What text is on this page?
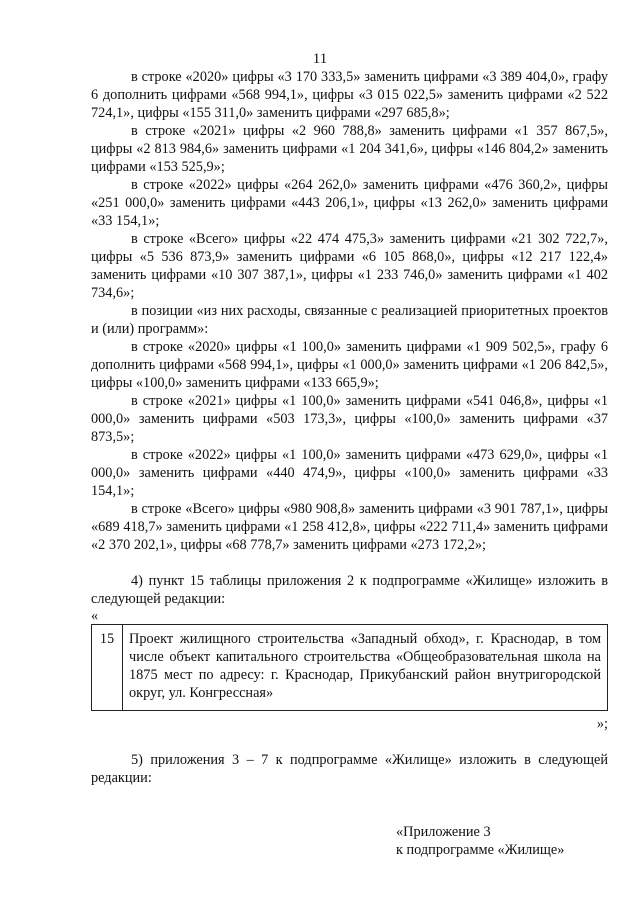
11

в строке «2020» цифры «3 170 333,5» заменить цифрами «3 389 404,0», графу 6 дополнить цифрами «568 994,1», цифры «3 015 022,5» заменить цифрами «2 522 724,1», цифры «155 311,0» заменить цифрами «297 685,8»;

в строке «2021» цифры «2 960 788,8» заменить цифрами «1 357 867,5», цифры «2 813 984,6» заменить цифрами «1 204 341,6», цифры «146 804,2» заменить цифрами «153 525,9»;

в строке «2022» цифры «264 262,0» заменить цифрами «476 360,2», цифры «251 000,0» заменить цифрами «443 206,1», цифры «13 262,0» заменить цифрами «33 154,1»;

в строке «Всего» цифры «22 474 475,3» заменить цифрами «21 302 722,7», цифры «5 536 873,9» заменить цифрами «6 105 868,0», цифры «12 217 122,4» заменить цифрами «10 307 387,1», цифры «1 233 746,0» заменить цифрами «1 402 734,6»;

в позиции «из них расходы, связанные с реализацией приоритетных проектов и (или) программ»:

в строке «2020» цифры «1 100,0» заменить цифрами «1 909 502,5», графу 6 дополнить цифрами «568 994,1», цифры «1 000,0» заменить цифрами «1 206 842,5», цифры «100,0» заменить цифрами «133 665,9»;

в строке «2021» цифры «1 100,0» заменить цифрами «541 046,8», цифры «1 000,0» заменить цифрами «503 173,3», цифры «100,0» заменить цифрами «37 873,5»;

в строке «2022» цифры «1 100,0» заменить цифрами «473 629,0», цифры «1 000,0» заменить цифрами «440 474,9», цифры «100,0» заменить цифрами «33 154,1»;

в строке «Всего» цифры «980 908,8» заменить цифрами «3 901 787,1», цифры «689 418,7» заменить цифрами «1 258 412,8», цифры «222 711,4» заменить цифрами «2 370 202,1», цифры «68 778,7» заменить цифрами «273 172,2»;

4) пункт 15 таблицы приложения 2 к подпрограмме «Жилище» изложить в следующей редакции:

«

15	Проект жилищного строительства «Западный обход», г. Краснодар, в том числе объект капитального строительства «Общеобразовательная школа на 1875 мест по адресу: г. Краснодар, Прикубанский район внутригородской округ, ул. Конгрессная»

»;

5) приложения 3 – 7 к подпрограмме «Жилище» изложить в следующей редакции:

«Приложение 3
к подпрограмме «Жилище»
